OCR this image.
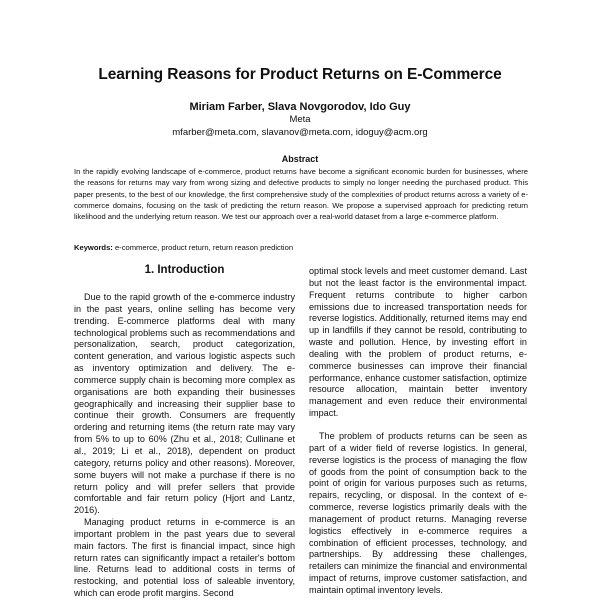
Learning Reasons for Product Returns on E-Commerce
Miriam Farber, Slava Novgorodov, Ido Guy
Meta
mfarber@meta.com, slavanov@meta.com, idoguy@acm.org
Abstract
In the rapidly evolving landscape of e-commerce, product returns have become a significant economic burden for businesses, where the reasons for returns may vary from wrong sizing and defective products to simply no longer needing the purchased product. This paper presents, to the best of our knowledge, the first comprehensive study of the complexities of product returns across a variety of e-commerce domains, focusing on the task of predicting the return reason. We propose a supervised approach for predicting return likelihood and the underlying return reason. We test our approach over a real-world dataset from a large e-commerce platform.
Keywords: e-commerce, product return, return reason prediction
1. Introduction

Due to the rapid growth of the e-commerce industry in the past years, online selling has become very trending. E-commerce platforms deal with many technological problems such as recommendations and personalization, search, product categorization, content generation, and various logistic aspects such as inventory optimization and delivery. The e-commerce supply chain is becoming more complex as organisations are both expanding their businesses geographically and increasing their supplier base to continue their growth. Consumers are frequently ordering and returning items (the return rate may vary from 5% to up to 60% (Zhu et al., 2018; Cullinane et al., 2019; Li et al., 2018), dependent on product category, returns policy and other reasons). Moreover, some buyers will not make a purchase if there is no return policy and will prefer sellers that provide comfortable and fair return policy (Hjort and Lantz, 2016).

Managing product returns in e-commerce is an important problem in the past years due to several main factors. The first is financial impact, since high return rates can significantly impact a retailer's bottom line. Returns lead to additional costs in terms of restocking, and potential loss of saleable inventory, which can erode profit margins. Second

optimal stock levels and meet customer demand. Last but not the least factor is the environmental impact. Frequent returns contribute to higher carbon emissions due to increased transportation needs for reverse logistics. Additionally, returned items may end up in landfills if they cannot be resold, contributing to waste and pollution. Hence, by investing effort in dealing with the problem of product returns, e-commerce businesses can improve their financial performance, enhance customer satisfaction, optimize resource allocation, maintain better inventory management and even reduce their environmental impact.

The problem of products returns can be seen as part of a wider field of reverse logistics. In general, reverse logistics is the process of managing the flow of goods from the point of consumption back to the point of origin for various purposes such as returns, repairs, recycling, or disposal. In the context of e-commerce, reverse logistics primarily deals with the management of product returns. Managing reverse logistics effectively in e-commerce requires a combination of efficient processes, technology, and partnerships. By addressing these challenges, retailers can minimize the financial and environmental impact of returns, improve customer satisfaction, and maintain optimal inventory levels.
